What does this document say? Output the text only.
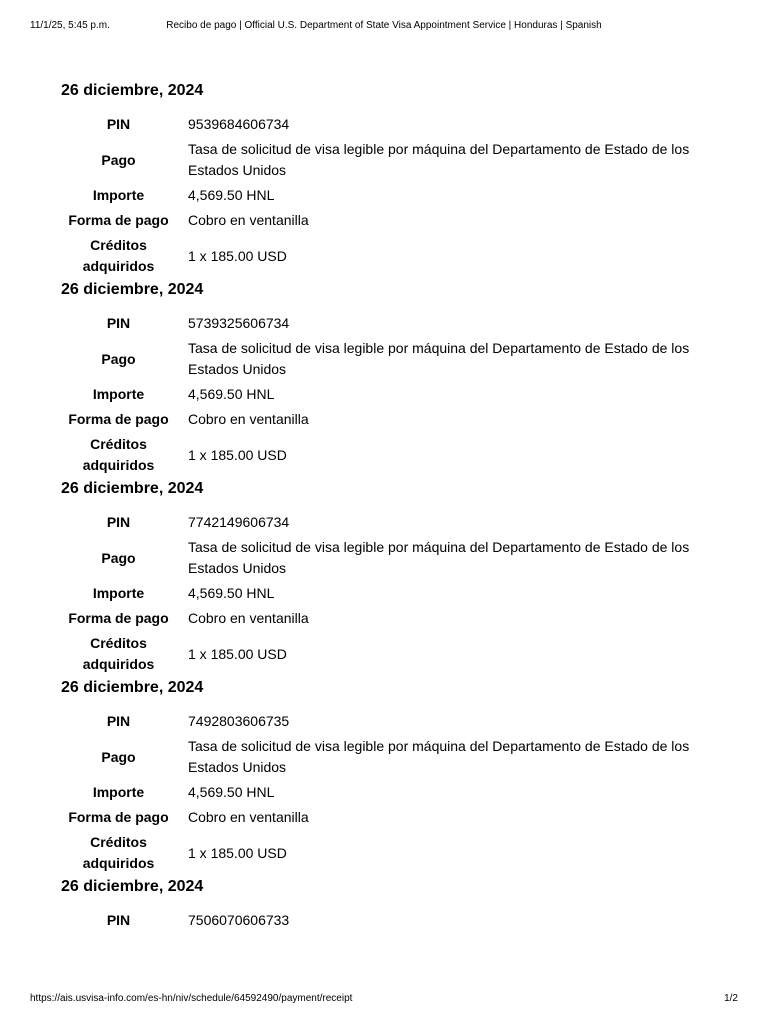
11/1/25, 5:45 p.m.	Recibo de pago | Official U.S. Department of State Visa Appointment Service | Honduras | Spanish
26 diciembre, 2024
PIN	9539684606734
Pago	Tasa de solicitud de visa legible por máquina del Departamento de Estado de los Estados Unidos
Importe	4,569.50 HNL
Forma de pago	Cobro en ventanilla
Créditos adquiridos	1 x 185.00 USD
26 diciembre, 2024
PIN	5739325606734
Pago	Tasa de solicitud de visa legible por máquina del Departamento de Estado de los Estados Unidos
Importe	4,569.50 HNL
Forma de pago	Cobro en ventanilla
Créditos adquiridos	1 x 185.00 USD
26 diciembre, 2024
PIN	7742149606734
Pago	Tasa de solicitud de visa legible por máquina del Departamento de Estado de los Estados Unidos
Importe	4,569.50 HNL
Forma de pago	Cobro en ventanilla
Créditos adquiridos	1 x 185.00 USD
26 diciembre, 2024
PIN	7492803606735
Pago	Tasa de solicitud de visa legible por máquina del Departamento de Estado de los Estados Unidos
Importe	4,569.50 HNL
Forma de pago	Cobro en ventanilla
Créditos adquiridos	1 x 185.00 USD
26 diciembre, 2024
PIN	7506070606733
https://ais.usvisa-info.com/es-hn/niv/schedule/64592490/payment/receipt	1/2
